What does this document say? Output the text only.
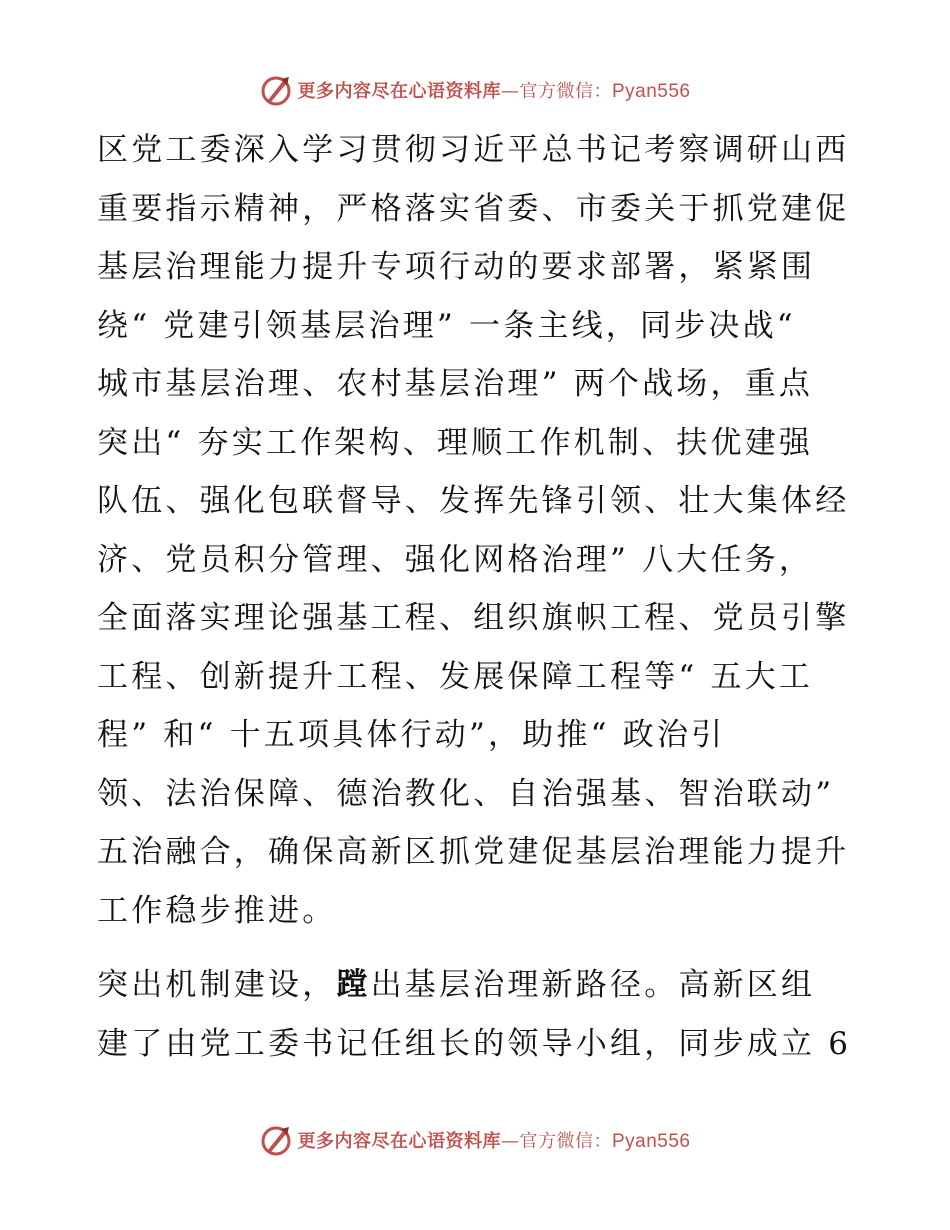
更多内容尽在心语资料库—官方微信：Pyan556
区党工委深入学习贯彻习近平总书记考察调研山西
重要指示精神，严格落实省委、市委关于抓党建促
基层治理能力提升专项行动的要求部署，紧紧围
绕“ 党建引领基层治理” 一条主线，同步决战“
城市基层治理、农村基层治理” 两个战场，重点
突出“ 夯实工作架构、理顺工作机制、扶优建强
队伍、强化包联督导、发挥先锋引领、壮大集体经
济、党员积分管理、强化网格治理” 八大任务，
全面落实理论强基工程、组织旗帜工程、党员引擎
工程、创新提升工程、发展保障工程等“ 五大工
程” 和“ 十五项具体行动”，助推“ 政治引
领、法治保障、德治教化、自治强基、智治联动”
五治融合，确保高新区抓党建促基层治理能力提升
工作稳步推进。
突出机制建设，蹚出基层治理新路径。高新区组
建了由党工委书记任组长的领导小组，同步成立 6
更多内容尽在心语资料库—官方微信：Pyan556
